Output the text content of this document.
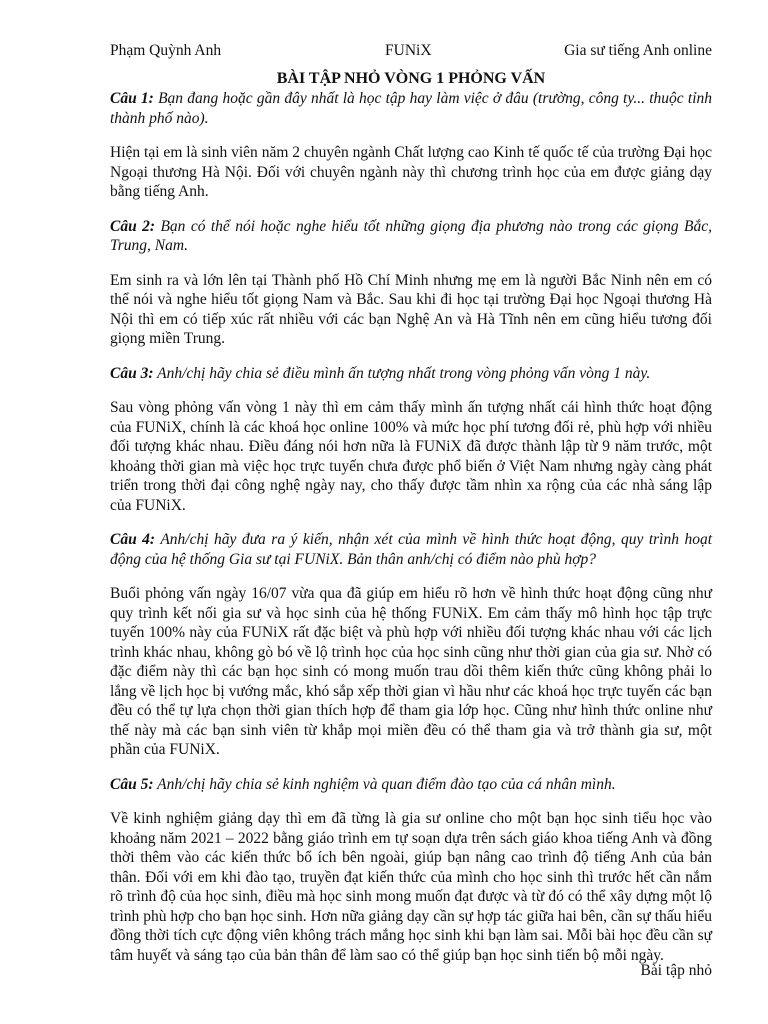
Phạm Quỳnh Anh	FUNiX	Gia sư tiếng Anh online
BÀI TẬP NHỎ VÒNG 1 PHỎNG VẤN

Câu 1: Bạn đang hoặc gần đây nhất là học tập hay làm việc ở đâu (trường, công ty... thuộc tỉnh thành phố nào).

Hiện tại em là sinh viên năm 2 chuyên ngành Chất lượng cao Kinh tế quốc tế của trường Đại học Ngoại thương Hà Nội. Đối với chuyên ngành này thì chương trình học của em được giảng dạy bằng tiếng Anh.

Câu 2: Bạn có thể nói hoặc nghe hiểu tốt những giọng địa phương nào trong các giọng Bắc, Trung, Nam.

Em sinh ra và lớn lên tại Thành phố Hồ Chí Minh nhưng mẹ em là người Bắc Ninh nên em có thể nói và nghe hiểu tốt giọng Nam và Bắc. Sau khi đi học tại trường Đại học Ngoại thương Hà Nội thì em có tiếp xúc rất nhiều với các bạn Nghệ An và Hà Tĩnh nên em cũng hiểu tương đối giọng miền Trung.

Câu 3: Anh/chị hãy chia sẻ điều mình ấn tượng nhất trong vòng phỏng vấn vòng 1 này.

Sau vòng phỏng vấn vòng 1 này thì em cảm thấy mình ấn tượng nhất cái hình thức hoạt động của FUNiX, chính là các khoá học online 100% và mức học phí tương đối rẻ, phù hợp với nhiều đối tượng khác nhau. Điều đáng nói hơn nữa là FUNiX đã được thành lập từ 9 năm trước, một khoảng thời gian mà việc học trực tuyến chưa được phổ biến ở Việt Nam nhưng ngày càng phát triển trong thời đại công nghệ ngày nay, cho thấy được tầm nhìn xa rộng của các nhà sáng lập của FUNiX.

Câu 4: Anh/chị hãy đưa ra ý kiến, nhận xét của mình về hình thức hoạt động, quy trình hoạt động của hệ thống Gia sư tại FUNiX. Bản thân anh/chị có điểm nào phù hợp?

Buổi phỏng vấn ngày 16/07 vừa qua đã giúp em hiểu rõ hơn về hình thức hoạt động cũng như quy trình kết nối gia sư và học sinh của hệ thống FUNiX. Em cảm thấy mô hình học tập trực tuyến 100% này của FUNiX rất đặc biệt và phù hợp với nhiều đối tượng khác nhau với các lịch trình khác nhau, không gò bó về lộ trình học của học sinh cũng như thời gian của gia sư. Nhờ có đặc điểm này thì các bạn học sinh có mong muốn trau dồi thêm kiến thức cũng không phải lo lắng về lịch học bị vướng mắc, khó sắp xếp thời gian vì hầu như các khoá học trực tuyến các bạn đều có thể tự lựa chọn thời gian thích hợp để tham gia lớp học. Cũng như hình thức online như thế này mà các bạn sinh viên từ khắp mọi miền đều có thể tham gia và trở thành gia sư, một phần của FUNiX.

Câu 5: Anh/chị hãy chia sẻ kinh nghiệm và quan điểm đào tạo của cá nhân mình.

Về kinh nghiệm giảng dạy thì em đã từng là gia sư online cho một bạn học sinh tiểu học vào khoảng năm 2021 – 2022 bằng giáo trình em tự soạn dựa trên sách giáo khoa tiếng Anh và đồng thời thêm vào các kiến thức bổ ích bên ngoài, giúp bạn nâng cao trình độ tiếng Anh của bản thân. Đối với em khi đào tạo, truyền đạt kiến thức của mình cho học sinh thì trước hết cần nắm rõ trình độ của học sinh, điều mà học sinh mong muốn đạt được và từ đó có thể xây dựng một lộ trình phù hợp cho bạn học sinh. Hơn nữa giảng dạy cần sự hợp tác giữa hai bên, cần sự thấu hiểu đồng thời tích cực động viên không trách mắng học sinh khi bạn làm sai. Mỗi bài học đều cần sự tâm huyết và sáng tạo của bản thân để làm sao có thể giúp bạn học sinh tiến bộ mỗi ngày.

Bài tập nhỏ
